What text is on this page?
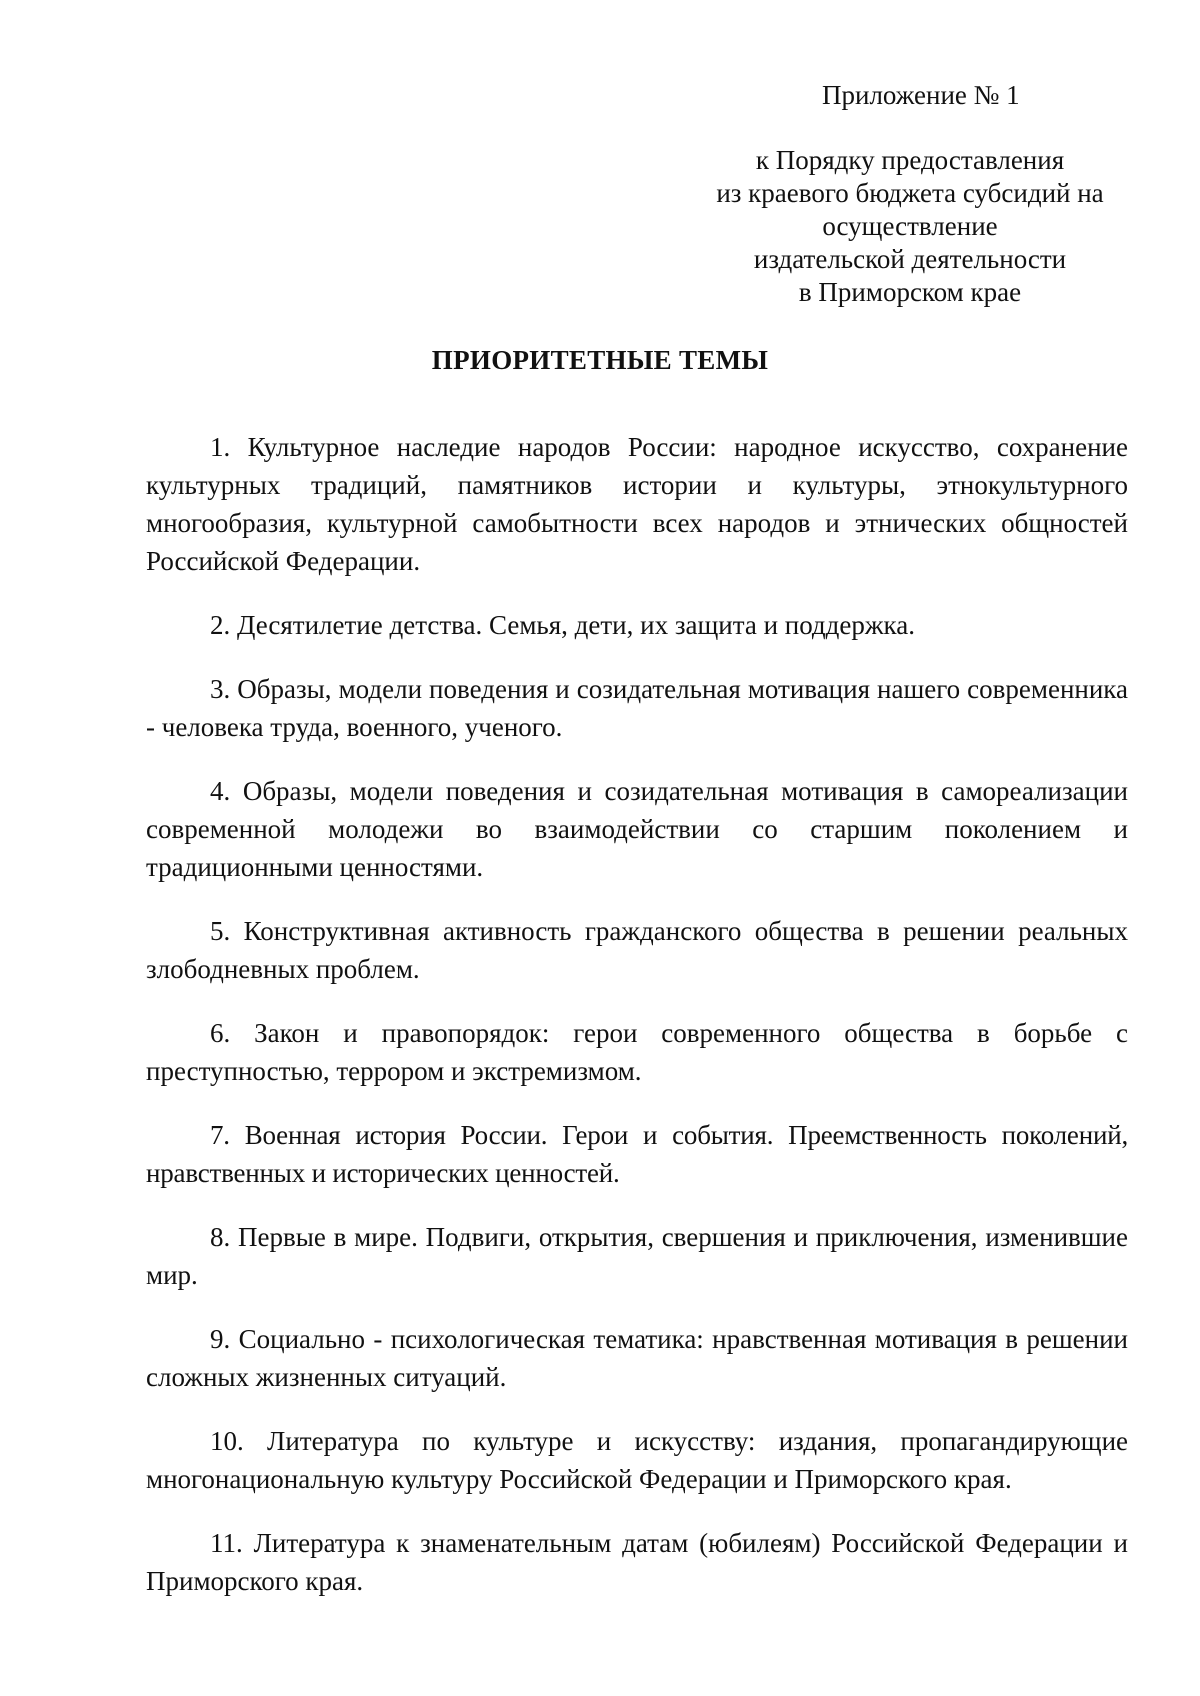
Приложение № 1
к Порядку предоставления
из краевого бюджета субсидий на
осуществление
издательской деятельности
в Приморском крае
ПРИОРИТЕТНЫЕ ТЕМЫ

1. Культурное наследие народов России: народное искусство, сохранение культурных традиций, памятников истории и культуры, этнокультурного многообразия, культурной самобытности всех народов и этнических общностей Российской Федерации.

2. Десятилетие детства. Семья, дети, их защита и поддержка.

3. Образы, модели поведения и созидательная мотивация нашего современника - человека труда, военного, ученого.

4. Образы, модели поведения и созидательная мотивация в самореализации современной молодежи во взаимодействии со старшим поколением и традиционными ценностями.

5. Конструктивная активность гражданского общества в решении реальных злободневных проблем.

6. Закон и правопорядок: герои современного общества в борьбе с преступностью, террором и экстремизмом.

7. Военная история России. Герои и события. Преемственность поколений, нравственных и исторических ценностей.

8. Первые в мире. Подвиги, открытия, свершения и приключения, изменившие мир.

9. Социально - психологическая тематика: нравственная мотивация в решении сложных жизненных ситуаций.

10. Литература по культуре и искусству: издания, пропагандирующие многонациональную культуру Российской Федерации и Приморского края.

11. Литература к знаменательным датам (юбилеям) Российской Федерации и Приморского края.
